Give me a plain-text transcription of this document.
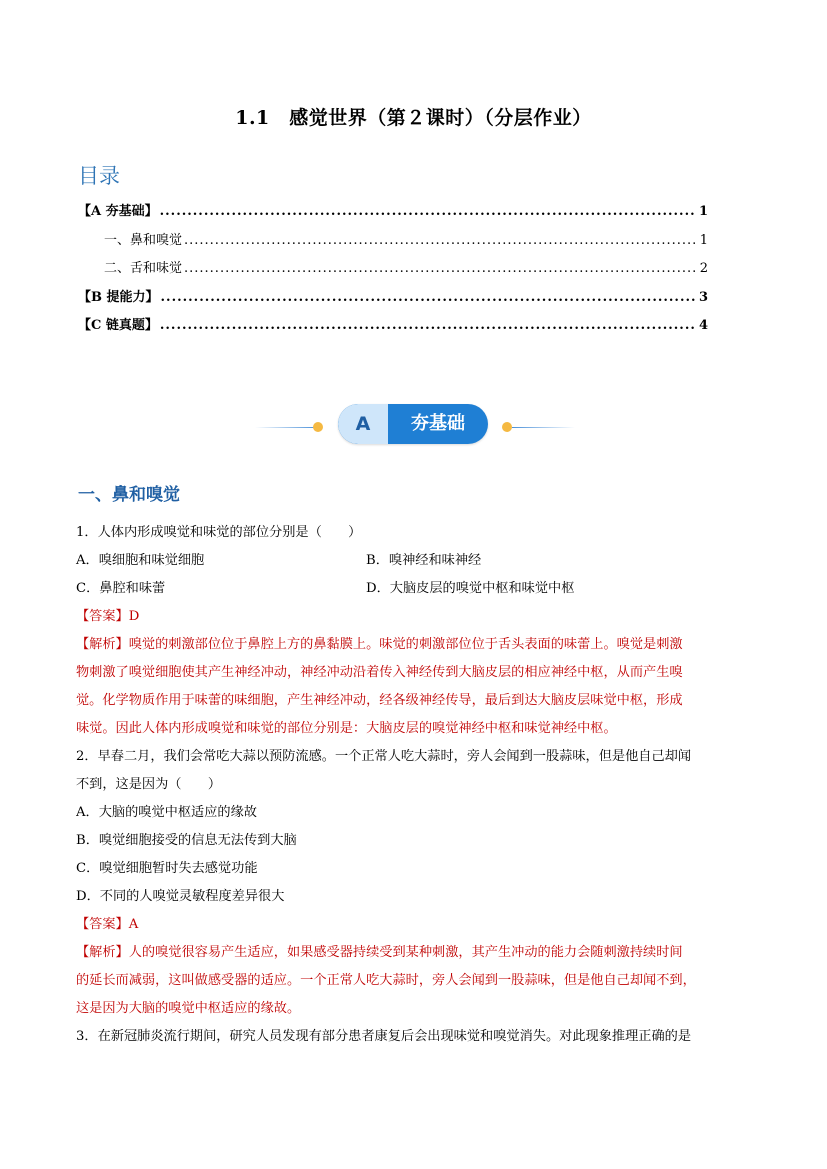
1.1　感觉世界（第２课时）（分层作业）
目录
【A 夯基础】 .....	1
一、鼻和嗅觉 .....	1
二、舌和味觉 .....	2
【B 提能力】 .....	3
【C 链真题】 .....	4
A	夯基础
一、鼻和嗅觉
1．人体内形成嗅觉和味觉的部位分别是（　　）
A．嗅细胞和味觉细胞	B．嗅神经和味神经
C．鼻腔和味蕾	D．大脑皮层的嗅觉中枢和味觉中枢
【答案】D
【解析】嗅觉的刺激部位位于鼻腔上方的鼻黏膜上。味觉的刺激部位位于舌头表面的味蕾上。嗅觉是刺激
物刺激了嗅觉细胞使其产生神经冲动，神经冲动沿着传入神经传到大脑皮层的相应神经中枢，从而产生嗅
觉。化学物质作用于味蕾的味细胞，产生神经冲动，经各级神经传导，最后到达大脑皮层味觉中枢，形成
味觉。因此人体内形成嗅觉和味觉的部位分别是：大脑皮层的嗅觉神经中枢和味觉神经中枢。
2．早春二月，我们会常吃大蒜以预防流感。一个正常人吃大蒜时，旁人会闻到一股蒜味，但是他自己却闻
不到，这是因为（　　）
A．大脑的嗅觉中枢适应的缘故
B．嗅觉细胞接受的信息无法传到大脑
C．嗅觉细胞暂时失去感觉功能
D．不同的人嗅觉灵敏程度差异很大
【答案】A
【解析】人的嗅觉很容易产生适应，如果感受器持续受到某种刺激，其产生冲动的能力会随刺激持续时间
的延长而减弱，这叫做感受器的适应。一个正常人吃大蒜时，旁人会闻到一股蒜味，但是他自己却闻不到，
这是因为大脑的嗅觉中枢适应的缘故。
3．在新冠肺炎流行期间，研究人员发现有部分患者康复后会出现味觉和嗅觉消失。对此现象推理正确的是
